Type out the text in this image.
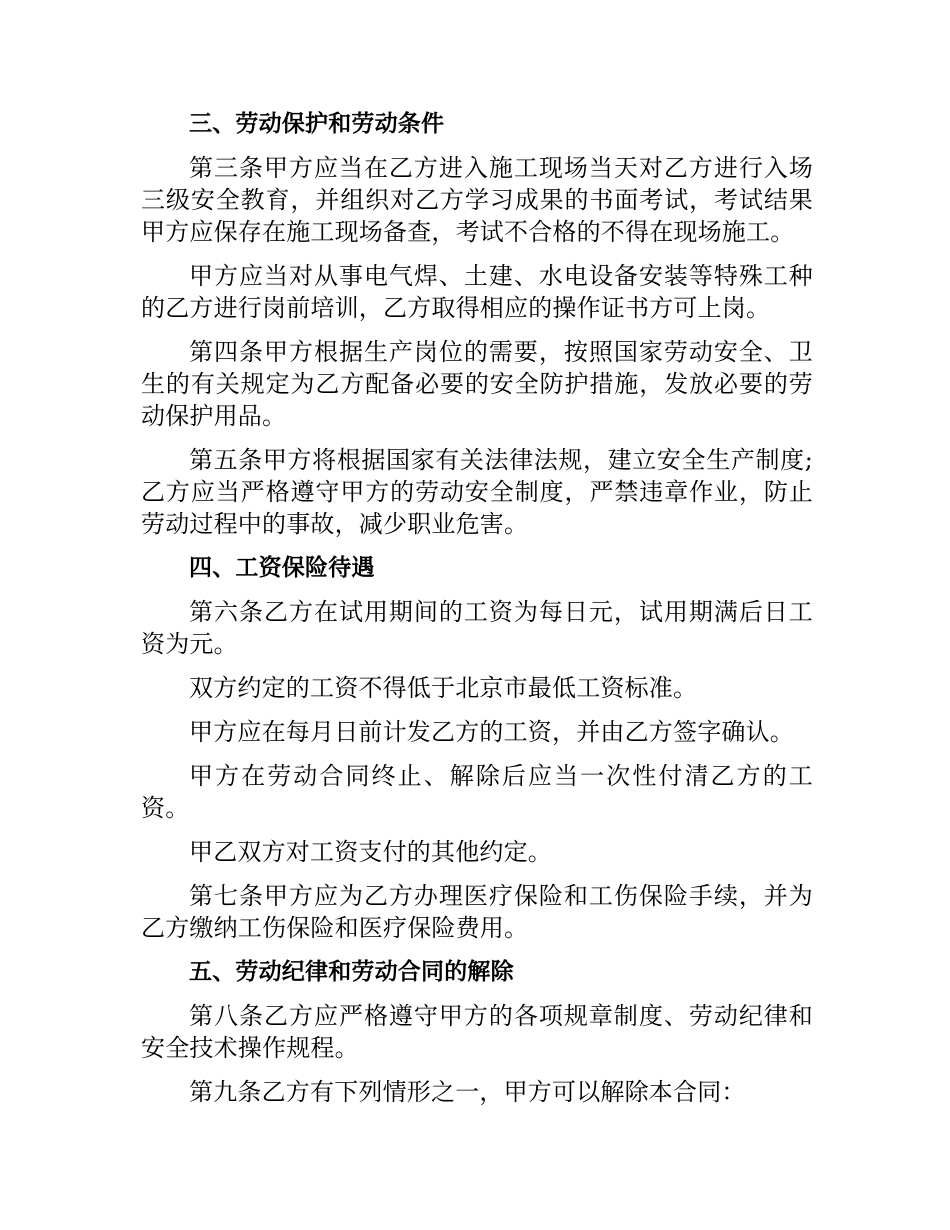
三、劳动保护和劳动条件
第三条甲方应当在乙方进入施工现场当天对乙方进行入场三级安全教育，并组织对乙方学习成果的书面考试，考试结果甲方应保存在施工现场备查，考试不合格的不得在现场施工。
甲方应当对从事电气焊、土建、水电设备安装等特殊工种的乙方进行岗前培训，乙方取得相应的操作证书方可上岗。
第四条甲方根据生产岗位的需要，按照国家劳动安全、卫生的有关规定为乙方配备必要的安全防护措施，发放必要的劳动保护用品。
第五条甲方将根据国家有关法律法规，建立安全生产制度;乙方应当严格遵守甲方的劳动安全制度，严禁违章作业，防止劳动过程中的事故，减少职业危害。
四、工资保险待遇
第六条乙方在试用期间的工资为每日元，试用期满后日工资为元。
双方约定的工资不得低于北京市最低工资标准。
甲方应在每月日前计发乙方的工资，并由乙方签字确认。
甲方在劳动合同终止、解除后应当一次性付清乙方的工资。
甲乙双方对工资支付的其他约定。
第七条甲方应为乙方办理医疗保险和工伤保险手续，并为乙方缴纳工伤保险和医疗保险费用。
五、劳动纪律和劳动合同的解除
第八条乙方应严格遵守甲方的各项规章制度、劳动纪律和安全技术操作规程。
第九条乙方有下列情形之一，甲方可以解除本合同：
